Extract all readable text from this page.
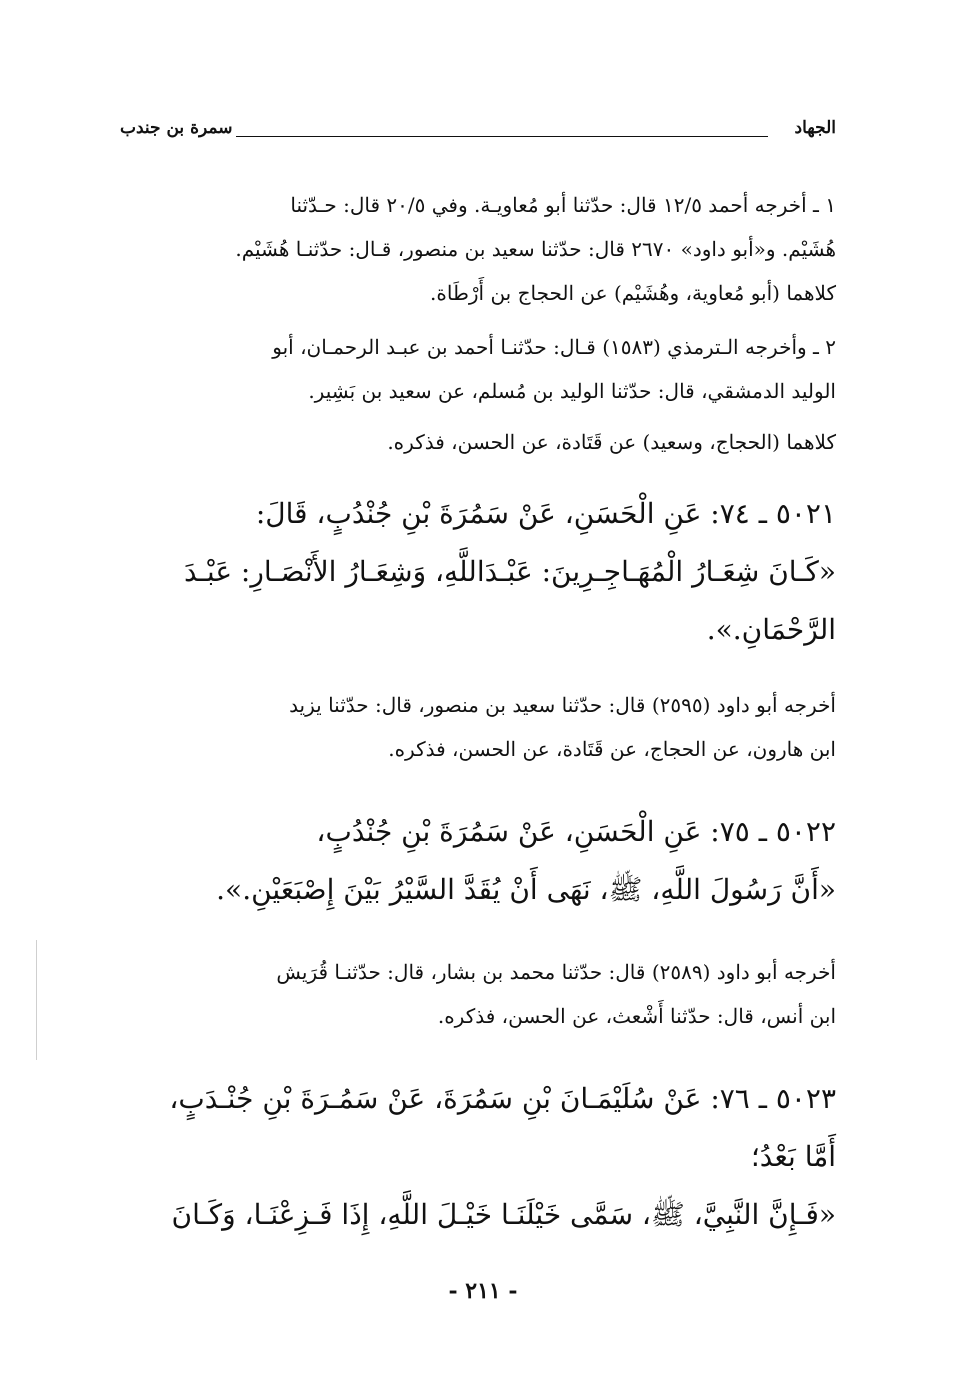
الجهاد
سمرة بن جندب
١ ـ أخرجه أحمد ١٢/٥ قال: حدّثنا أبو مُعاويـة. وفي ٢٠/٥ قال: حـدّثنا
هُشَيْم. و«أبو داود» ٢٦٧٠ قال: حدّثنا سعيد بن منصور، قـال: حدّثنـا هُشَيْم.
كلاهما (أبو مُعاوية، وهُشَيْم) عن الحجاج بن أَرْطَاة.
٢ ـ وأخرجه الـترمذي (١٥٨٣) قـال: حدّثنـا أحمد بن عبـد الرحمـان، أبو
الوليد الدمشقي، قال: حدّثنا الوليد بن مُسلم، عن سعيد بن بَشِير.
كلاهما (الحجاج، وسعيد) عن قَتَادة، عن الحسن، فذكره.
٥٠٢١ ـ ٧٤: عَنِ الْحَسَنِ، عَنْ سَمُرَةَ بْنِ جُنْدُبٍ، قَالَ:
«كَـانَ شِعَـارُ الْمُهَـاجِـرِينَ: عَبْـدَاللَّهِ، وَشِعَـارُ الأَنْصَـارِ: عَبْـدَ
الرَّحْمَانِ.».
أخرجه أبو داود (٢٥٩٥) قال: حدّثنا سعيد بن منصور، قال: حدّثنا يزيد
ابن هارون، عن الحجاج، عن قَتَادة، عن الحسن، فذكره.
٥٠٢٢ ـ ٧٥: عَنِ الْحَسَنِ، عَنْ سَمُرَةَ بْنِ جُنْدُبٍ،
«أَنَّ رَسُولَ اللَّهِ، ﷺ، نَهَى أَنْ يُقَدَّ السَّيْرُ بَيْنَ إِصْبَعَيْنِ.».
أخرجه أبو داود (٢٥٨٩) قال: حدّثنا محمد بن بشار، قال: حدّثنـا قُرَيش
ابن أنس، قال: حدّثنا أَشْعث، عن الحسن، فذكره.
٥٠٢٣ ـ ٧٦: عَنْ سُلَيْمَـانَ بْنِ سَمُرَةَ، عَنْ سَمُـرَةَ بْنِ جُنْـدَبٍ،
أَمَّا بَعْدُ؛
«فَـإِنَّ النَّبِيَّ، ﷺ، سَمَّى خَيْلَنَـا خَيْـلَ اللَّهِ، إِذَا فَـزِعْنَـا، وَكَـانَ
- ٢١١ -
